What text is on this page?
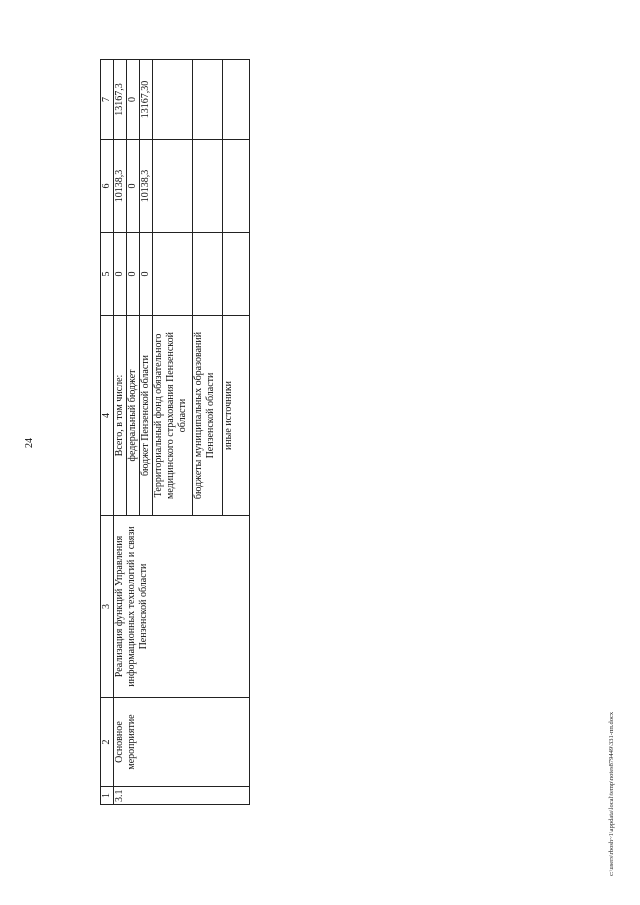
24
1	2	3	4	5	6	7
3.1	Основное мероприятие	Реализация функций Управления информационных технологий и связи Пензенской области	Всего, в том числе:	0	10138,3	13167,3
			федеральный бюджет	0	0	0
			бюджет Пензенской области	0	10138,3	13167,30
			Территориальный фонд обязательного медицинского страхования Пензенской области			
			бюджеты муниципальных образований Пензенской области			
			иные источники			
c:\users\rbosh~1\appdata\local\temp\notes879449\331-пп.docx
